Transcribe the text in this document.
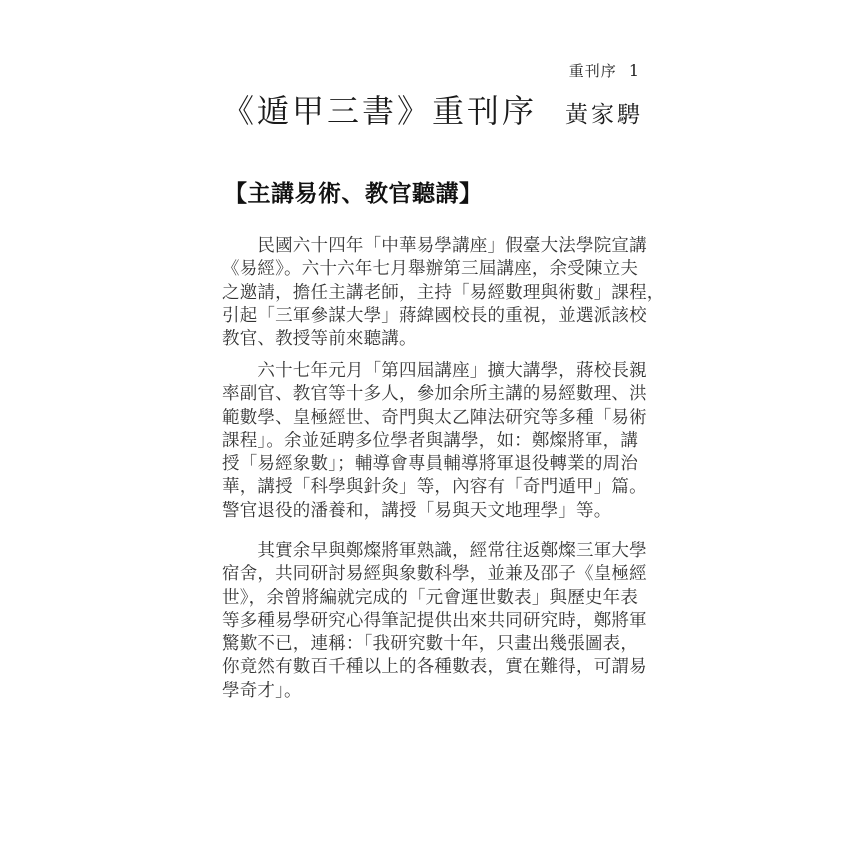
重刊序 1
《遁甲三書》重刊序 黃家騁
【主講易術、教官聽講】
　　民國六十四年「中華易學講座」假臺大法學院宣講
《易經》。六十六年七月舉辦第三屆講座，余受陳立夫
之邀請，擔任主講老師，主持「易經數理與術數」課程，
引起「三軍參謀大學」蔣緯國校長的重視，並選派該校
教官、教授等前來聽講。
　　六十七年元月「第四屆講座」擴大講學，蔣校長親
率副官、教官等十多人，參加余所主講的易經數理、洪
範數學、皇極經世、奇門與太乙陣法研究等多種「易術
課程」。余並延聘多位學者與講學，如：鄭燦將軍，講
授「易經象數」；輔導會專員輔導將軍退役轉業的周治
華，講授「科學與針灸」等，內容有「奇門遁甲」篇。
警官退役的潘養和，講授「易與天文地理學」等。
　　其實余早與鄭燦將軍熟識，經常往返鄭燦三軍大學
宿舍，共同研討易經與象數科學，並兼及邵子《皇極經
世》，余曾將編就完成的「元會運世數表」與歷史年表
等多種易學研究心得筆記提供出來共同研究時，鄭將軍
驚歎不已，連稱：「我研究數十年，只畫出幾張圖表，
你竟然有數百千種以上的各種數表，實在難得，可謂易
學奇才」。
